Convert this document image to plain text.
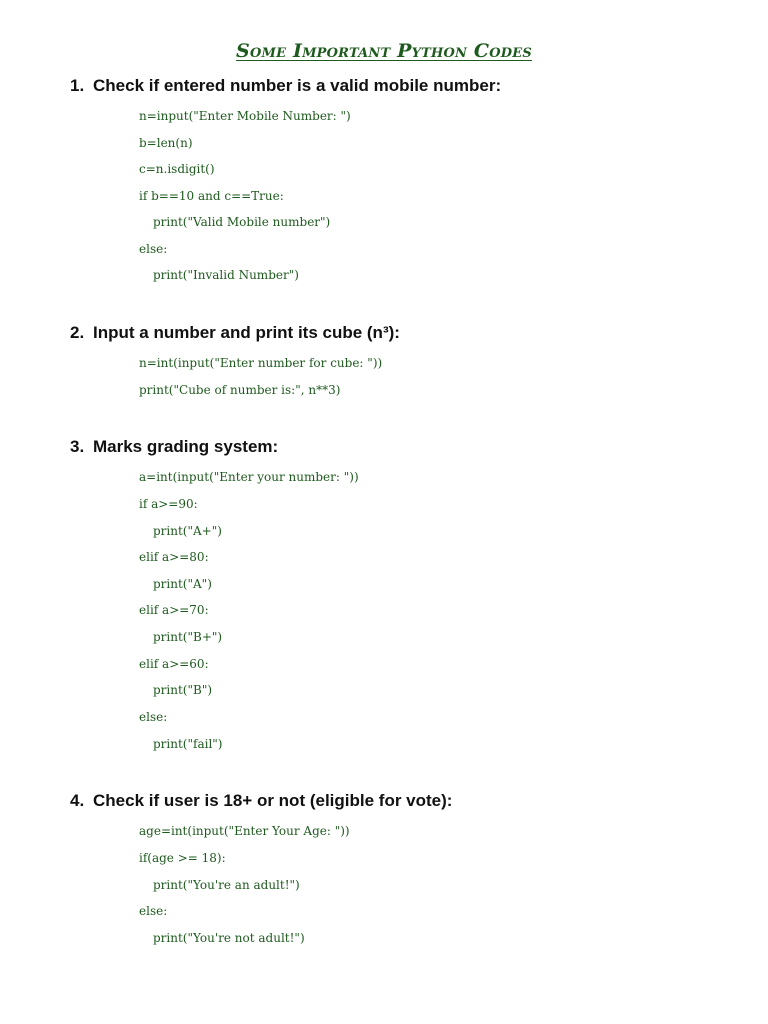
Some Important Python Codes
1. Check if entered number is a valid mobile number:
n=input("Enter Mobile Number: ")
b=len(n)
c=n.isdigit()
if b==10 and c==True:
print("Valid Mobile number")
else:
print("Invalid Number")
2. Input a number and print its cube (n³):
n=int(input("Enter number for cube: "))
print("Cube of number is:", n**3)
3. Marks grading system:
a=int(input("Enter your number: "))
if a>=90:
print("A+")
elif a>=80:
print("A")
elif a>=70:
print("B+")
elif a>=60:
print("B")
else:
print("fail")
4. Check if user is 18+ or not (eligible for vote):
age=int(input("Enter Your Age: "))
if(age >= 18):
print("You're an adult!")
else:
print("You're not adult!")
